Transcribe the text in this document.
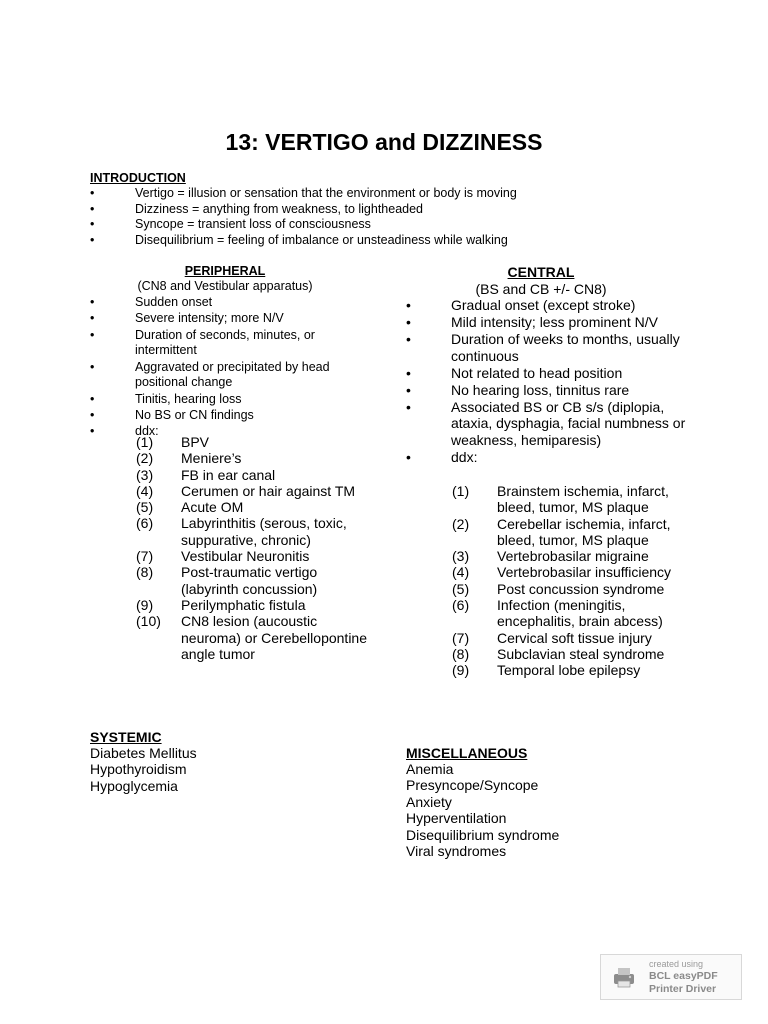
13: VERTIGO and DIZZINESS
INTRODUCTION
•	Vertigo = illusion or sensation that the environment or body is moving
•	Dizziness = anything from weakness, to lightheaded
•	Syncope = transient loss of consciousness
•	Disequilibrium = feeling of imbalance or unsteadiness while walking
PERIPHERAL
(CN8 and Vestibular apparatus)
•	Sudden onset
•	Severe intensity; more N/V
•	Duration of seconds, minutes, or intermittent
•	Aggravated or precipitated by head positional change
•	Tinitis, hearing loss
•	No BS or CN findings
•	ddx:
(1) BPV
(2) Meniere’s
(3) FB in ear canal
(4) Cerumen or hair against TM
(5) Acute OM
(6) Labyrinthitis (serous, toxic, suppurative, chronic)
(7) Vestibular Neuronitis
(8) Post-traumatic vertigo (labyrinth concussion)
(9) Perilymphatic fistula
(10) CN8 lesion (aucoustic neuroma) or Cerebellopontine angle tumor
CENTRAL
(BS and CB +/- CN8)
•	Gradual onset (except stroke)
•	Mild intensity; less prominent N/V
•	Duration of weeks to months, usually continuous
•	Not related to head position
•	No hearing loss, tinnitus rare
•	Associated BS or CB s/s (diplopia, ataxia, dysphagia, facial numbness or weakness, hemiparesis)
•	ddx:
(1) Brainstem ischemia, infarct, bleed, tumor, MS plaque
(2) Cerebellar ischemia, infarct, bleed, tumor, MS plaque
(3) Vertebrobasilar migraine
(4) Vertebrobasilar insufficiency
(5) Post concussion syndrome
(6) Infection (meningitis, encephalitis, brain abcess)
(7) Cervical soft tissue injury
(8) Subclavian steal syndrome
(9) Temporal lobe epilepsy
SYSTEMIC
Diabetes Mellitus
Hypothyroidism
Hypoglycemia
MISCELLANEOUS
Anemia
Presyncope/Syncope
Anxiety
Hyperventilation
Disequilibrium syndrome
Viral syndromes
created using
BCL easyPDF
Printer Driver
